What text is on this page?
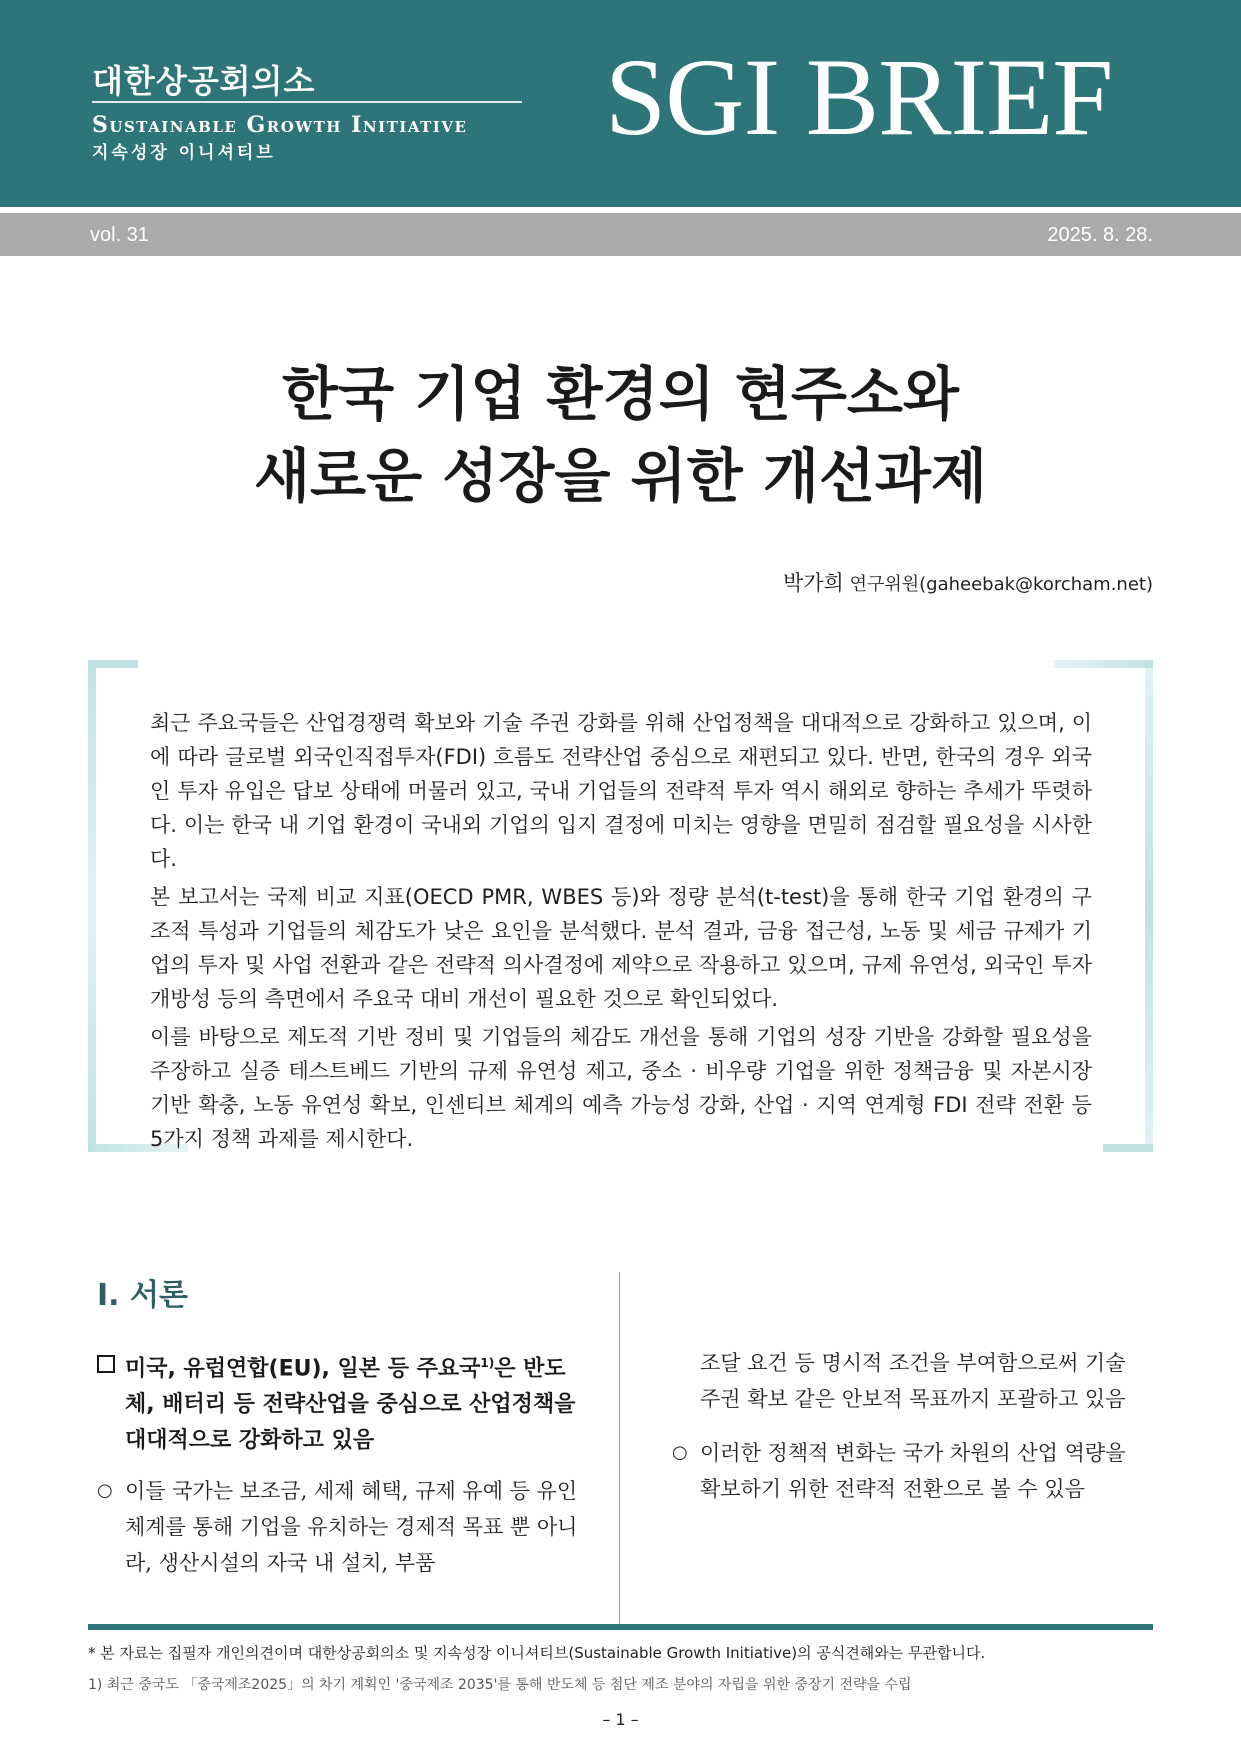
대한상공회의소
Sustainable Growth Initiative
지속성장 이니셔티브	SGI BRIEF
vol. 31	2025. 8. 28.
한국 기업 환경의 현주소와
새로운 성장을 위한 개선과제
박가희 연구위원(gaheebak@korcham.net)

최근 주요국들은 산업경쟁력 확보와 기술 주권 강화를 위해 산업정책을 대대적으로 강화하고 있으며, 이에 따라 글로벌 외국인직접투자(FDI) 흐름도 전략산업 중심으로 재편되고 있다. 반면, 한국의 경우 외국인 투자 유입은 답보 상태에 머물러 있고, 국내 기업들의 전략적 투자 역시 해외로 향하는 추세가 뚜렷하다. 이는 한국 내 기업 환경이 국내외 기업의 입지 결정에 미치는 영향을 면밀히 점검할 필요성을 시사한다.

본 보고서는 국제 비교 지표(OECD PMR, WBES 등)와 정량 분석(t-test)을 통해 한국 기업 환경의 구조적 특성과 기업들의 체감도가 낮은 요인을 분석했다. 분석 결과, 금융 접근성, 노동 및 세금 규제가 기업의 투자 및 사업 전환과 같은 전략적 의사결정에 제약으로 작용하고 있으며, 규제 유연성, 외국인 투자 개방성 등의 측면에서 주요국 대비 개선이 필요한 것으로 확인되었다.

이를 바탕으로 제도적 기반 정비 및 기업들의 체감도 개선을 통해 기업의 성장 기반을 강화할 필요성을 주장하고 실증 테스트베드 기반의 규제 유연성 제고, 중소 · 비우량 기업을 위한 정책금융 및 자본시장 기반 확충, 노동 유연성 확보, 인센티브 체계의 예측 가능성 강화, 산업 · 지역 연계형 FDI 전략 전환 등 5가지 정책 과제를 제시한다.

Ⅰ. 서론
미국, 유럽연합(EU), 일본 등 주요국$^{1)}$은 반도체, 배터리 등 전략산업을 중심으로 산업정책을 대대적으로 강화하고 있음
○ 이들 국가는 보조금, 세제 혜택, 규제 유예 등 유인체계를 통해 기업을 유치하는 경제적 목표 뿐 아니라, 생산시설의 자국 내 설치, 부품
조달 요건 등 명시적 조건을 부여함으로써 기술 주권 확보 같은 안보적 목표까지 포괄하고 있음
○ 이러한 정책적 변화는 국가 차원의 산업 역량을 확보하기 위한 전략적 전환으로 볼 수 있음
* 본 자료는 집필자 개인의견이며 대한상공회의소 및 지속성장 이니셔티브(Sustainable Growth Initiative)의 공식견해와는 무관합니다.
1) 최근 중국도 「중국제조2025」의 차기 계획인 '중국제조 2035'를 통해 반도체 등 첨단 제조 분야의 자립을 위한 중장기 전략을 수립
– 1 –
